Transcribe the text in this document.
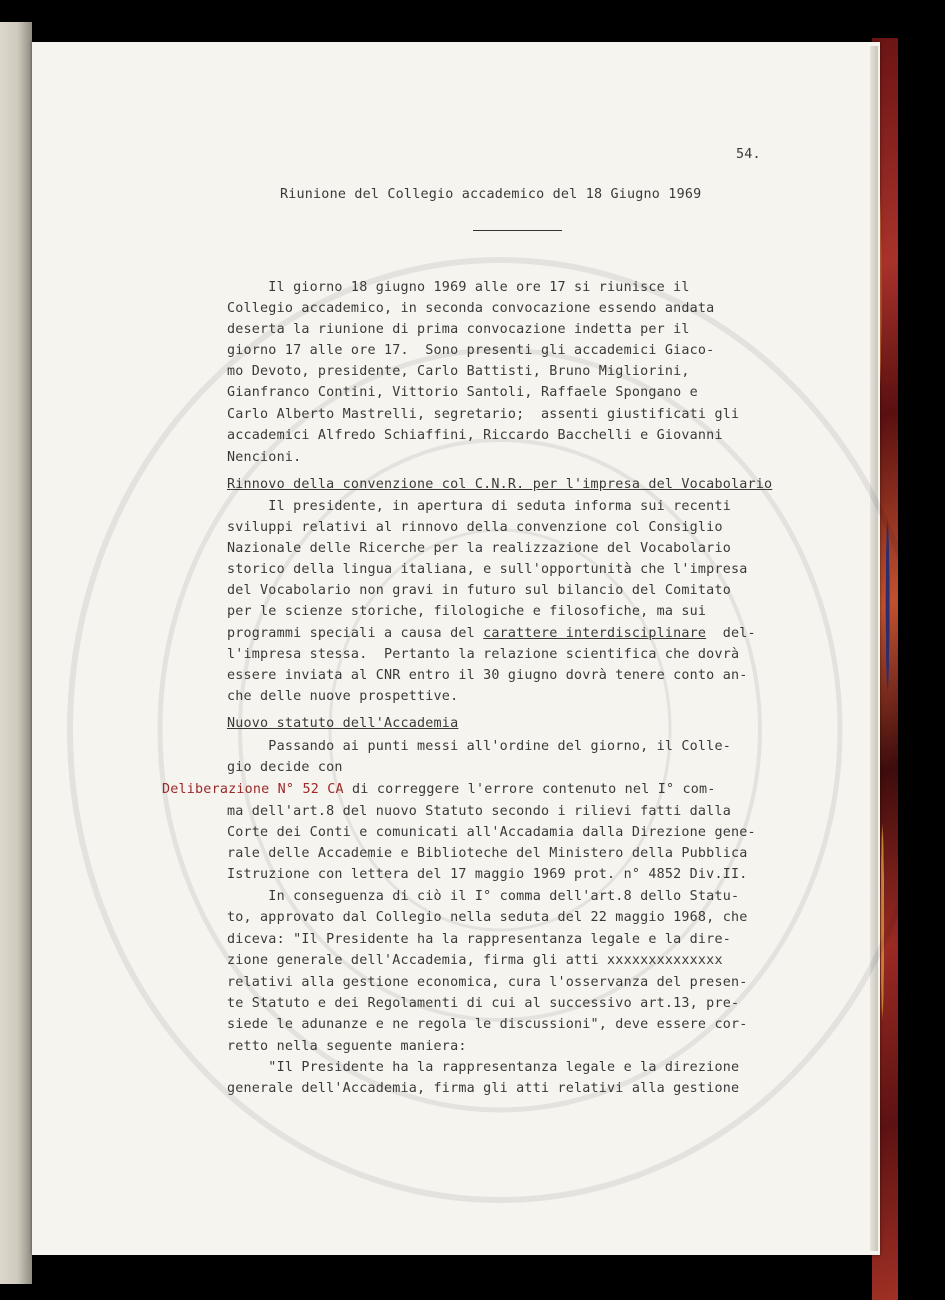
54.
Riunione del Collegio accademico del 18 Giugno 1969
Il giorno 18 giugno 1969 alle ore 17 si riunisce il
Collegio accademico, in seconda convocazione essendo andata
deserta la riunione di prima convocazione indetta per il
giorno 17 alle ore 17.  Sono presenti gli accademici Giaco-
mo Devoto, presidente, Carlo Battisti, Bruno Migliorini,
Gianfranco Contini, Vittorio Santoli, Raffaele Spongano e
Carlo Alberto Mastrelli, segretario;  assenti giustificati gli
accademici Alfredo Schiaffini, Riccardo Bacchelli e Giovanni
Nencioni.
Rinnovo della convenzione col C.N.R. per l'impresa del Vocabolario
Il presidente, in apertura di seduta informa sui recenti
sviluppi relativi al rinnovo della convenzione col Consiglio
Nazionale delle Ricerche per la realizzazione del Vocabolario
storico della lingua italiana, e sull'opportunità che l'impresa
del Vocabolario non gravi in futuro sul bilancio del Comitato
per le scienze storiche, filologiche e filosofiche, ma sui
programmi speciali a causa del carattere interdisciplinare  del-
l'impresa stessa.  Pertanto la relazione scientifica che dovrà
essere inviata al CNR entro il 30 giugno dovrà tenere conto an-
che delle nuove prospettive.
Nuovo statuto dell'Accademia
Passando ai punti messi all'ordine del giorno, il Colle-
gio decide con
Deliberazione N° 52 CA di correggere l'errore contenuto nel I° com-
ma dell'art.8 del nuovo Statuto secondo i rilievi fatti dalla
Corte dei Conti e comunicati all'Accadamia dalla Direzione gene-
rale delle Accademie e Biblioteche del Ministero della Pubblica
Istruzione con lettera del 17 maggio 1969 prot. n° 4852 Div.II.
In conseguenza di ciò il I° comma dell'art.8 dello Statu-
to, approvato dal Collegio nella seduta del 22 maggio 1968, che
diceva: "Il Presidente ha la rappresentanza legale e la dire-
zione generale dell'Accademia, firma gli atti xxxxxxxxxxxxxx
relativi alla gestione economica, cura l'osservanza del presen-
te Statuto e dei Regolamenti di cui al successivo art.13, pre-
siede le adunanze e ne regola le discussioni", deve essere cor-
retto nella seguente maniera:
"Il Presidente ha la rappresentanza legale e la direzione
generale dell'Accademia, firma gli atti relativi alla gestione
